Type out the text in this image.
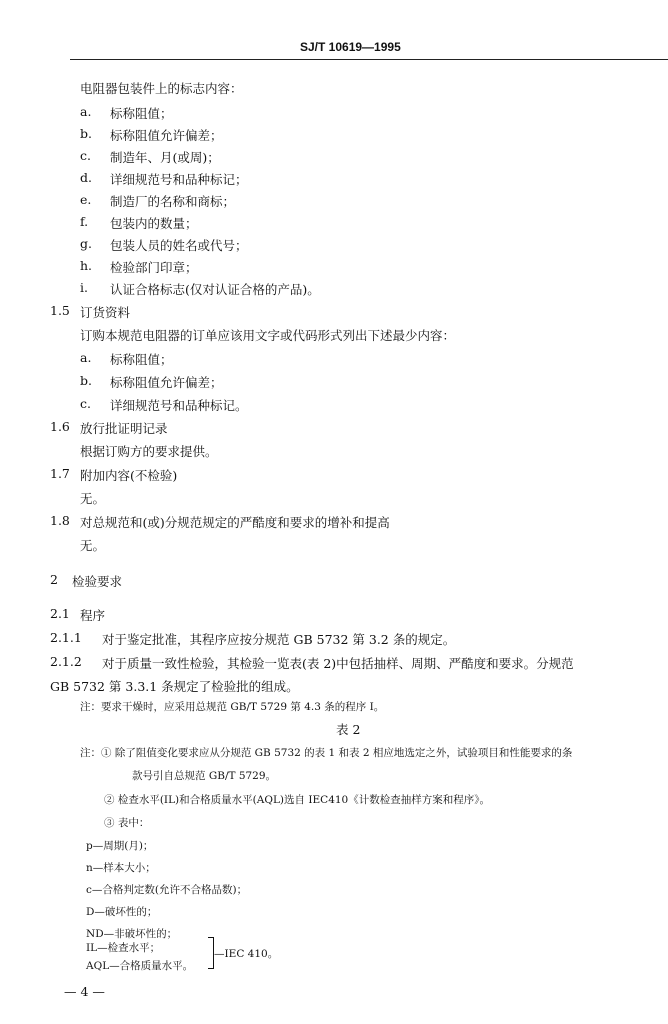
SJ/T 10619—1995
电阻器包装件上的标志内容：
a. 标称阻值；
b. 标称阻值允许偏差；
c. 制造年、月(或周)；
d. 详细规范号和品种标记；
e. 制造厂的名称和商标；
f. 包装内的数量；
g. 包装人员的姓名或代号；
h. 检验部门印章；
i. 认证合格标志(仅对认证合格的产品)。
1.5 订货资料
订购本规范电阻器的订单应该用文字或代码形式列出下述最少内容：
a. 标称阻值；
b. 标称阻值允许偏差；
c. 详细规范号和品种标记。
1.6 放行批证明记录
根据订购方的要求提供。
1.7 附加内容(不检验)
无。
1.8 对总规范和(或)分规范规定的严酷度和要求的增补和提高
无。
2 检验要求
2.1 程序
2.1.1 对于鉴定批准，其程序应按分规范 GB 5732 第 3.2 条的规定。
2.1.2 对于质量一致性检验，其检验一览表(表 2)中包括抽样、周期、严酷度和要求。分规范
GB 5732 第 3.3.1 条规定了检验批的组成。
注：要求干燥时，应采用总规范 GB/T 5729 第 4.3 条的程序 I。
表 2
注：① 除了阻值变化要求应从分规范 GB 5732 的表 1 和表 2 相应地选定之外，试验项目和性能要求的条
款号引自总规范 GB/T 5729。
② 检查水平(IL)和合格质量水平(AQL)选自 IEC410《计数检查抽样方案和程序》。
③ 表中：
p—周期(月)；
n—样本大小；
c—合格判定数(允许不合格品数)；
D—破坏性的；
ND—非破坏性的；
IL—检查水平；
AQL—合格质量水平。
—IEC 410。
— 4 —
